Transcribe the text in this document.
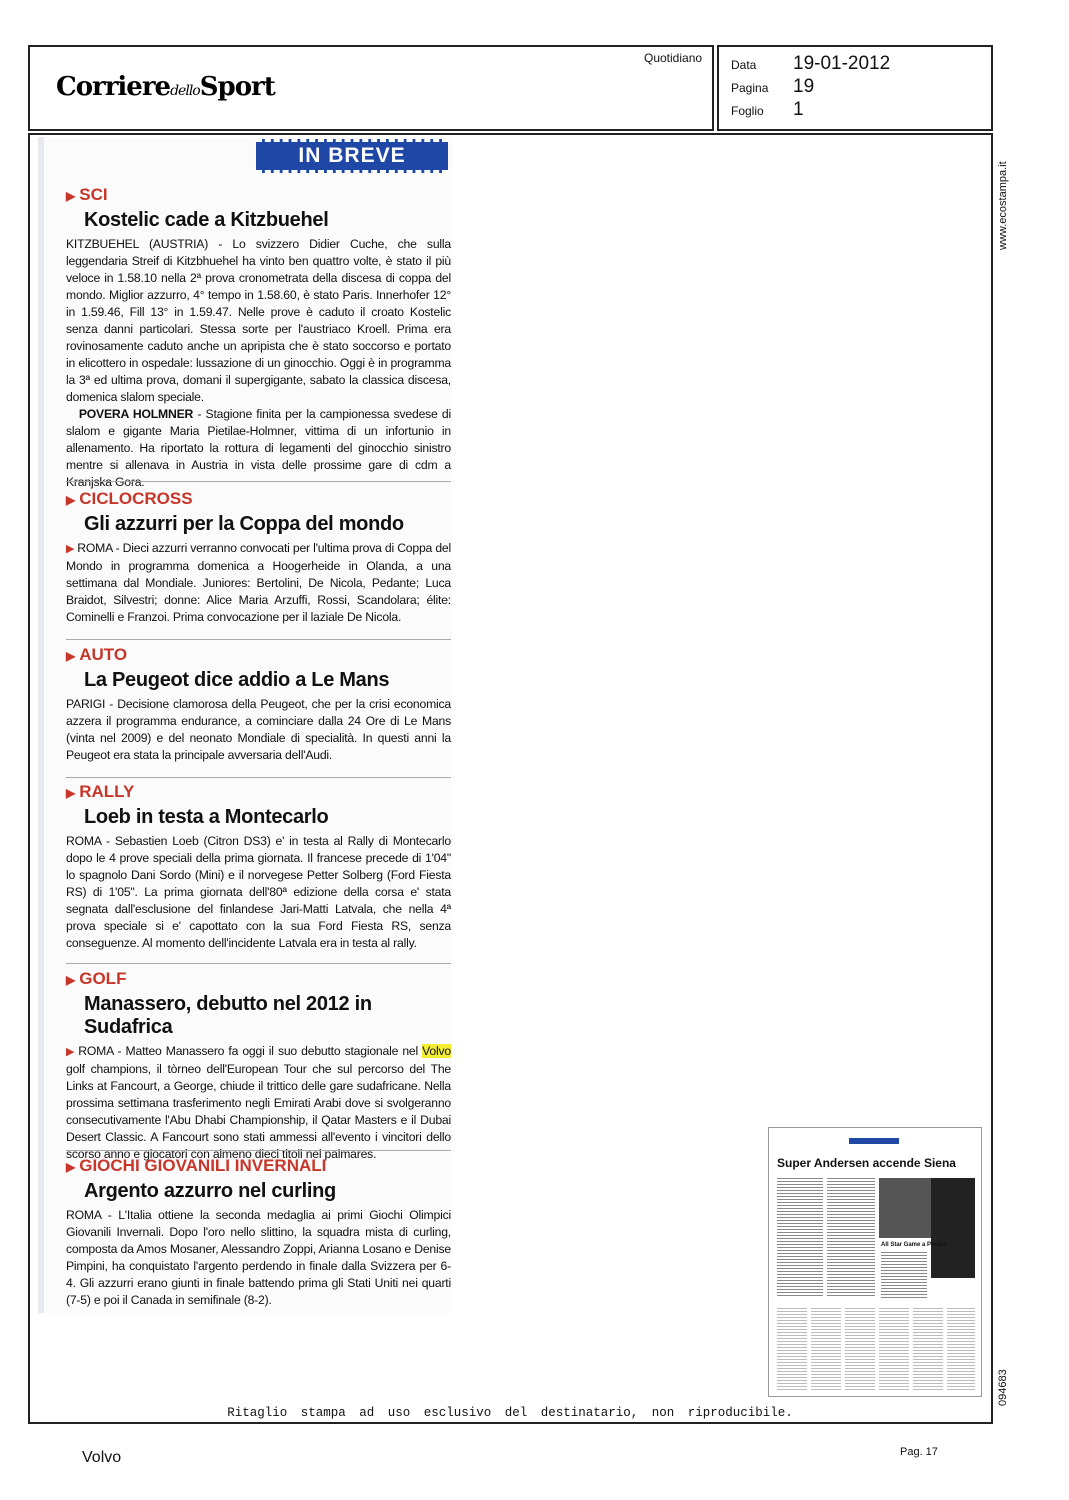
CorrieredelloSport
Quotidiano Data	19-01-2012
Pagina	19
Foglio	1
www.ecostampa.it
094683
IN BREVE
▶ SCI
Kostelic cade a Kitzbuehel
KITZBUEHEL (AUSTRIA) - Lo svizzero Didier Cuche, che sulla leggendaria Streif di Kitzbhuehel ha vinto ben quattro volte, è stato il più veloce in 1.58.10 nella 2ª prova cronometrata della discesa di coppa del mondo. Miglior azzurro, 4° tempo in 1.58.60, è stato Paris. Innerhofer 12° in 1.59.46, Fill 13° in 1.59.47. Nelle prove è caduto il croato Kostelic senza danni particolari. Stessa sorte per l'austriaco Kroell. Prima era rovinosamente caduto anche un apripista che è stato soccorso e portato in elicottero in ospedale: lussazione di un ginocchio. Oggi è in programma la 3ª ed ultima prova, domani il supergigante, sabato la classica discesa, domenica slalom speciale.
POVERA HOLMNER - Stagione finita per la campionessa svedese di slalom e gigante Maria Pietilae-Holmner, vittima di un infortunio in allenamento. Ha riportato la rottura di legamenti del ginocchio sinistro mentre si allenava in Austria in vista delle prossime gare di cdm a Kranjska Gora.
▶ CICLOCROSS
Gli azzurri per la Coppa del mondo
▶ ROMA - Dieci azzurri verranno convocati per l'ultima prova di Coppa del Mondo in programma domenica a Hoogerheide in Olanda, a una settimana dal Mondiale. Juniores: Bertolini, De Nicola, Pedante; Luca Braidot, Silvestri; donne: Alice Maria Arzuffi, Rossi, Scandolara; élite: Cominelli e Franzoi. Prima convocazione per il laziale De Nicola.
▶ AUTO
La Peugeot dice addio a Le Mans
PARIGI - Decisione clamorosa della Peugeot, che per la crisi economica azzera il programma endurance, a cominciare dalla 24 Ore di Le Mans (vinta nel 2009) e del neonato Mondiale di specialità. In questi anni la Peugeot era stata la principale avversaria dell'Audi.
▶ RALLY
Loeb in testa a Montecarlo
ROMA - Sebastien Loeb (Citron DS3) e' in testa al Rally di Montecarlo dopo le 4 prove speciali della prima giornata. Il francese precede di 1'04" lo spagnolo Dani Sordo (Mini) e il norvegese Petter Solberg (Ford Fiesta RS) di 1'05". La prima giornata dell'80ª edizione della corsa e' stata segnata dall'esclusione del finlandese Jari-Matti Latvala, che nella 4ª prova speciale si e' capottato con la sua Ford Fiesta RS, senza conseguenze. Al momento dell'incidente Latvala era in testa al rally.
▶ GOLF
Manassero, debutto nel 2012 in Sudafrica
▶ ROMA - Matteo Manassero fa oggi il suo debutto stagionale nel Volvo golf champions, il tòrneo dell'European Tour che sul percorso del The Links at Fancourt, a George, chiude il trittico delle gare sudafricane. Nella prossima settimana trasferimento negli Emirati Arabi dove si svolgeranno consecutivamente l'Abu Dhabi Championship, il Qatar Masters e il Dubai Desert Classic. A Fancourt sono stati ammessi all'evento i vincitori dello scorso anno e giocatori con almeno dieci titoli nel palmares.
▶ GIOCHI GIOVANILI INVERNALI
Argento azzurro nel curling
ROMA - L'Italia ottiene la seconda medaglia ai primi Giochi Olimpici Giovanili Invernali. Dopo l'oro nello slittino, la squadra mista di curling, composta da Amos Mosaner, Alessandro Zoppi, Arianna Losano e Denise Pimpini, ha conquistato l'argento perdendo in finale dalla Svizzera per 6-4. Gli azzurri erano giunti in finale battendo prima gli Stati Uniti nei quarti (7-5) e poi il Canada in semifinale (8-2).
Super Andersen accende Siena
All Star Game a Pesaro
Ritaglio stampa ad uso esclusivo del destinatario, non riproducibile.
Volvo	Pag. 17
